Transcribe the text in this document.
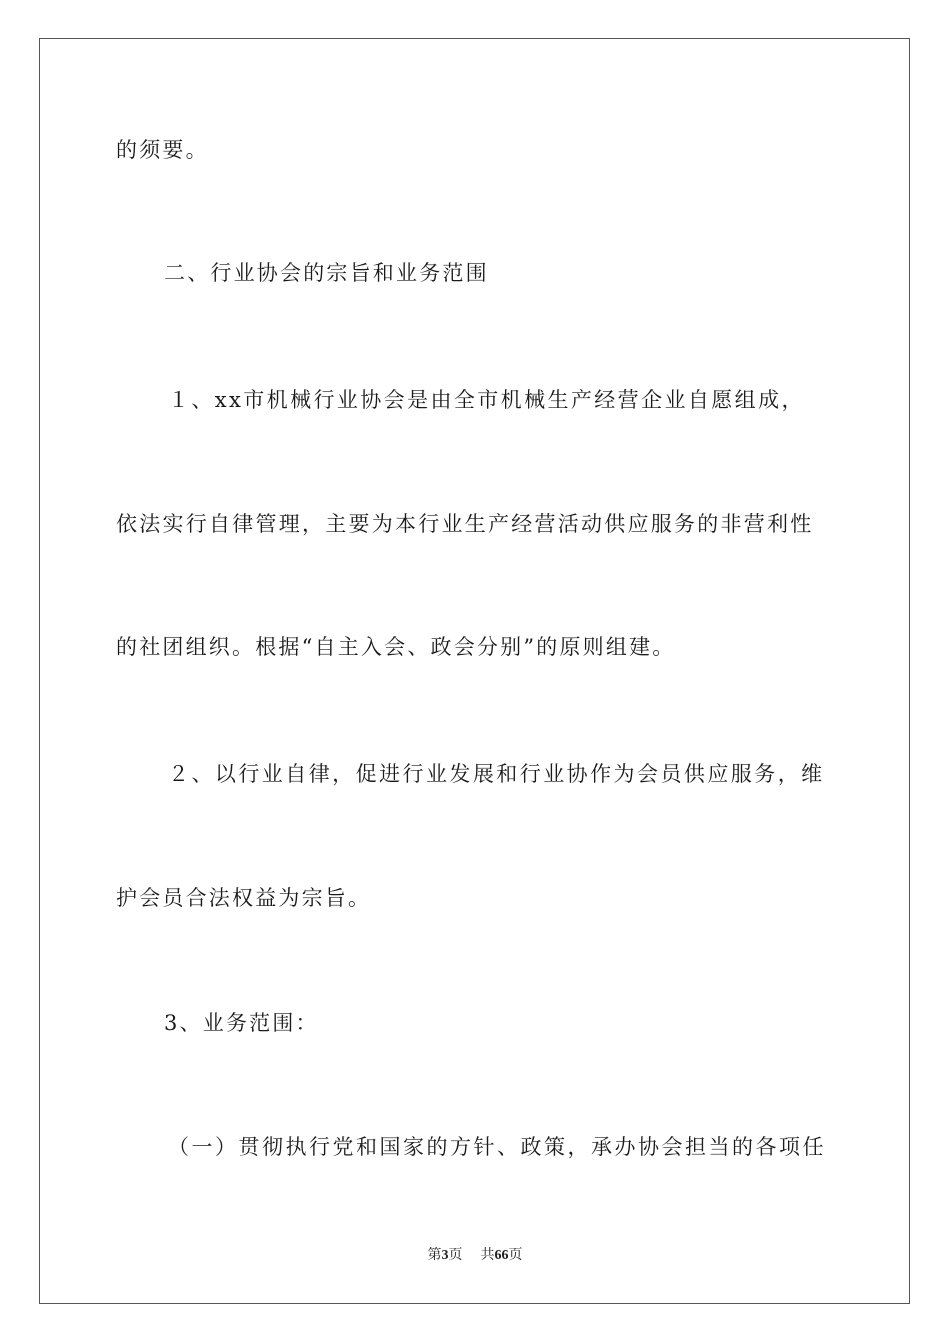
的须要。
二、行业协会的宗旨和业务范围
１、xx市机械行业协会是由全市机械生产经营企业自愿组成，
依法实行自律管理，主要为本行业生产经营活动供应服务的非营利性
的社团组织。根据“自主入会、政会分别”的原则组建。
２、以行业自律，促进行业发展和行业协作为会员供应服务，维
护会员合法权益为宗旨。
3、业务范围：
（一）贯彻执行党和国家的方针、政策，承办协会担当的各项任
第3页 共66页
